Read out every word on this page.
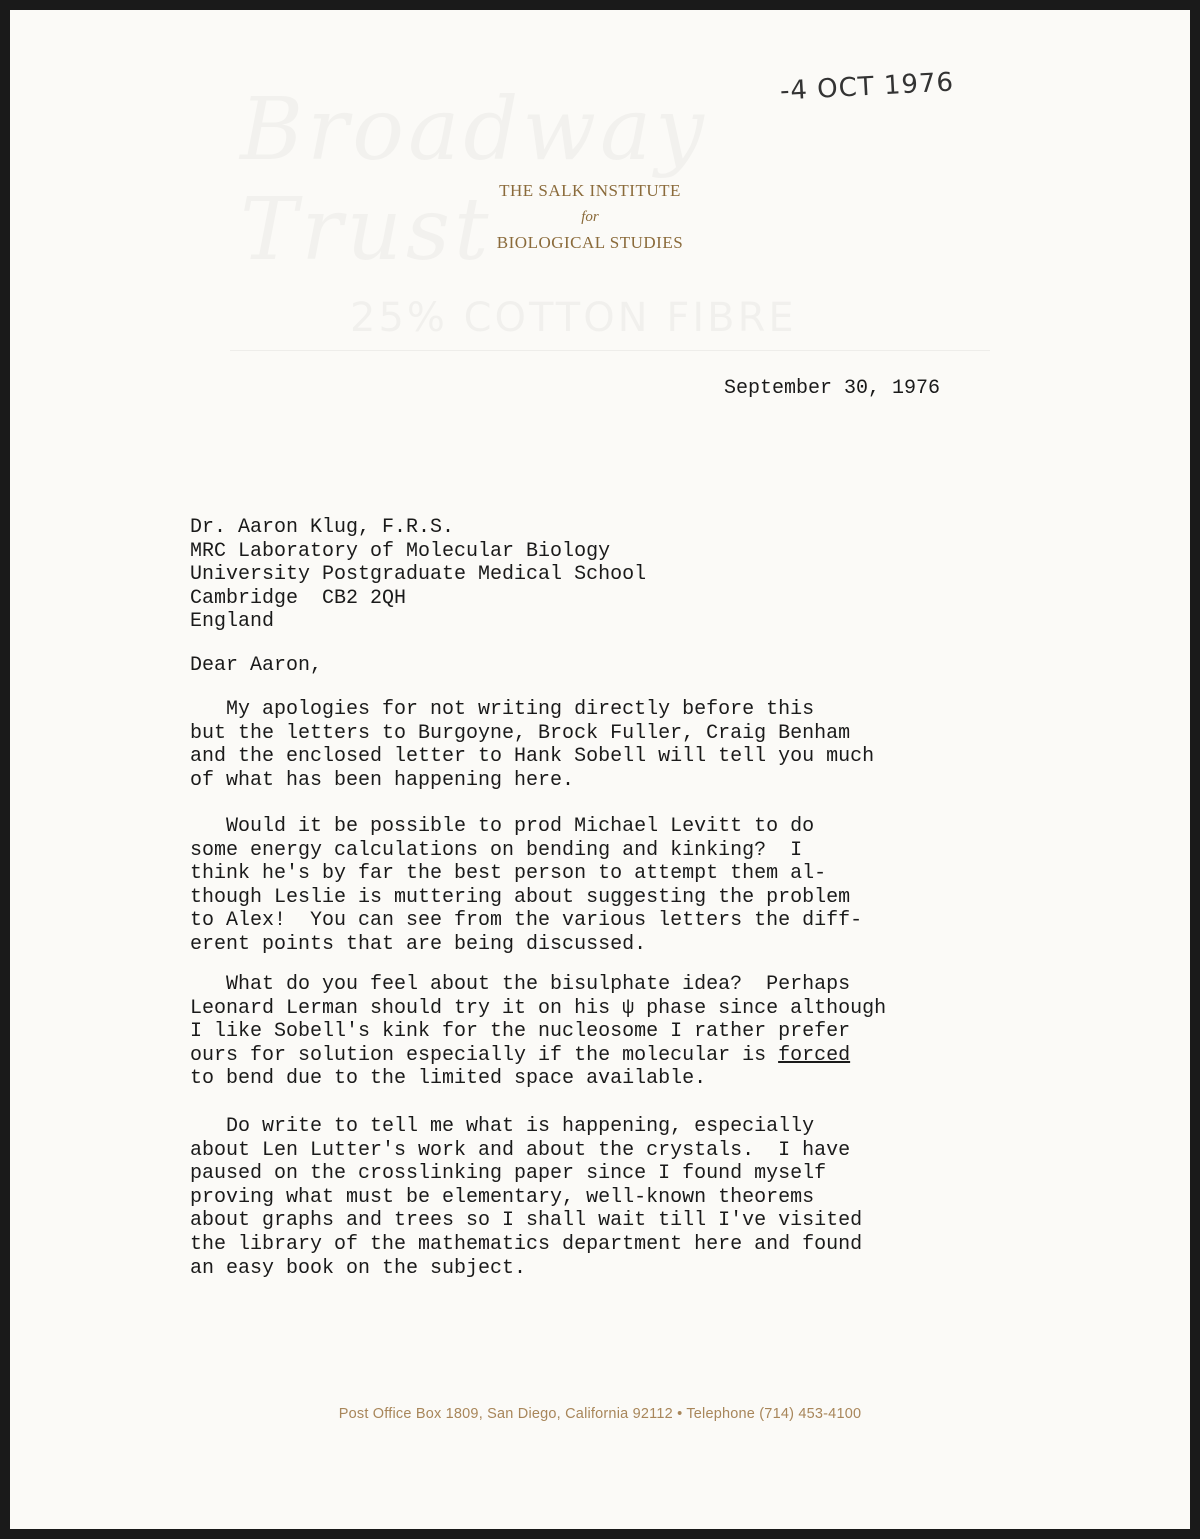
-4 OCT 1976
THE SALK INSTITUTE
for
BIOLOGICAL STUDIES
September 30, 1976
Dr. Aaron Klug, F.R.S.
MRC Laboratory of Molecular Biology
University Postgraduate Medical School
Cambridge  CB2 2QH
England
Dear Aaron,
My apologies for not writing directly before this
but the letters to Burgoyne, Brock Fuller, Craig Benham
and the enclosed letter to Hank Sobell will tell you much
of what has been happening here.
Would it be possible to prod Michael Levitt to do
some energy calculations on bending and kinking?  I
think he's by far the best person to attempt them al-
though Leslie is muttering about suggesting the problem
to Alex!  You can see from the various letters the diff-
erent points that are being discussed.
What do you feel about the bisulphate idea?  Perhaps
Leonard Lerman should try it on his ψ phase since although
I like Sobell's kink for the nucleosome I rather prefer
ours for solution especially if the molecular is forced
to bend due to the limited space available.
Do write to tell me what is happening, especially
about Len Lutter's work and about the crystals.  I have
paused on the crosslinking paper since I found myself
proving what must be elementary, well-known theorems
about graphs and trees so I shall wait till I've visited
the library of the mathematics department here and found
an easy book on the subject.
Post Office Box 1809, San Diego, California 92112 • Telephone (714) 453-4100
